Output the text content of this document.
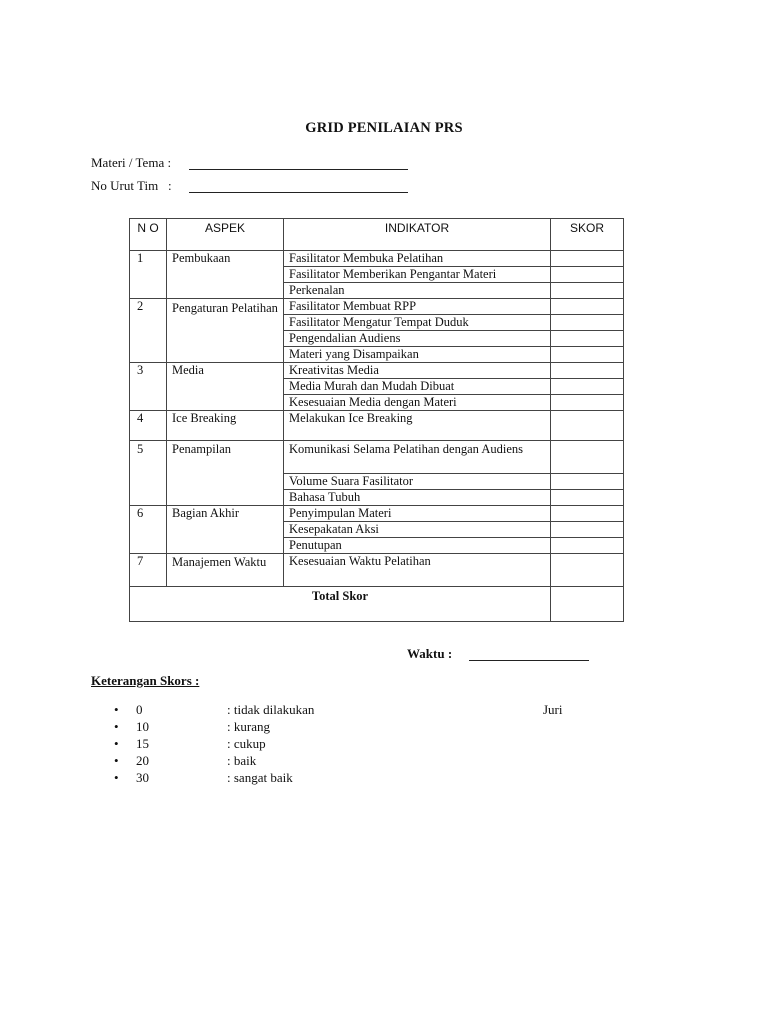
GRID PENILAIAN PRS
Materi / Tema :
No Urut Tim   :
N O	ASPEK	INDIKATOR	SKOR
1	Pembukaan	Fasilitator Membuka Pelatihan	
		Fasilitator Memberikan Pengantar Materi	
		Perkenalan	
2	Pengaturan Pelatihan	Fasilitator Membuat RPP	
		Fasilitator Mengatur Tempat Duduk	
		Pengendalian Audiens	
		Materi yang Disampaikan	
3	Media	Kreativitas Media	
		Media Murah dan Mudah Dibuat	
		Kesesuaian Media dengan Materi	
4	Ice Breaking	Melakukan Ice Breaking	
5	Penampilan	Komunikasi Selama Pelatihan dengan Audiens	
		Volume Suara Fasilitator	
		Bahasa Tubuh	
6	Bagian Akhir	Penyimpulan Materi	
		Kesepakatan Aksi	
		Penutupan	
7	Manajemen Waktu	Kesesuaian Waktu Pelatihan	
Total Skor			
Waktu :
Keterangan Skors :
• 0	: tidak dilakukan
• 10	: kurang
• 15	: cukup
• 20	: baik
• 30	: sangat baik
Juri
